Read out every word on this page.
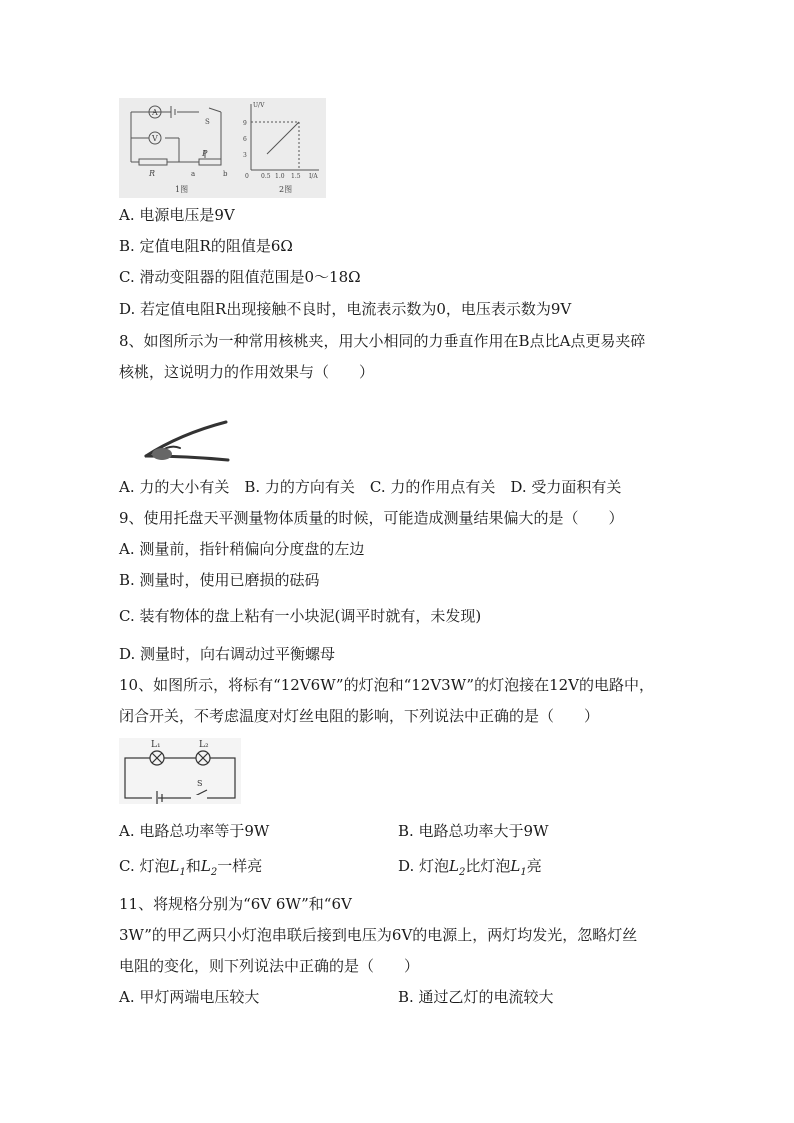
A
V
S
R
P
a	b
1图
U/V
I/A
9
6
3
0 0.5 1.0 1.5
2图
A. 电源电压是9V
B. 定值电阻R的阻值是6Ω
C. 滑动变阻器的阻值范围是0～18Ω
D. 若定值电阻R出现接触不良时，电流表示数为0，电压表示数为9V
8、如图所示为一种常用核桃夹，用大小相同的力垂直作用在B点比A点更易夹碎
核桃，这说明力的作用效果与（　　）
A. 力的大小有关　B. 力的方向有关　C. 力的作用点有关　D. 受力面积有关
9、使用托盘天平测量物体质量的时候，可能造成测量结果偏大的是（　　）
A. 测量前，指针稍偏向分度盘的左边
B. 测量时，使用已磨损的砝码
C. 装有物体的盘上粘有一小块泥(调平时就有，未发现)
D. 测量时，向右调动过平衡螺母
10、如图所示，将标有“12V6W”的灯泡和“12V3W”的灯泡接在12V的电路中，
闭合开关，不考虑温度对灯丝电阻的影响，下列说法中正确的是（　　）
L₁	L₂
S
A. 电路总功率等于9W	B. 电路总功率大于9W
C. 灯泡$L_1$和$L_2$一样亮	D. 灯泡$L_2$比灯泡$L_1$亮
11、将规格分别为“6V 6W”和“6V
3W”的甲乙两只小灯泡串联后接到电压为6V的电源上，两灯均发光，忽略灯丝
电阻的变化，则下列说法中正确的是（　　）
A. 甲灯两端电压较大	B. 通过乙灯的电流较大
